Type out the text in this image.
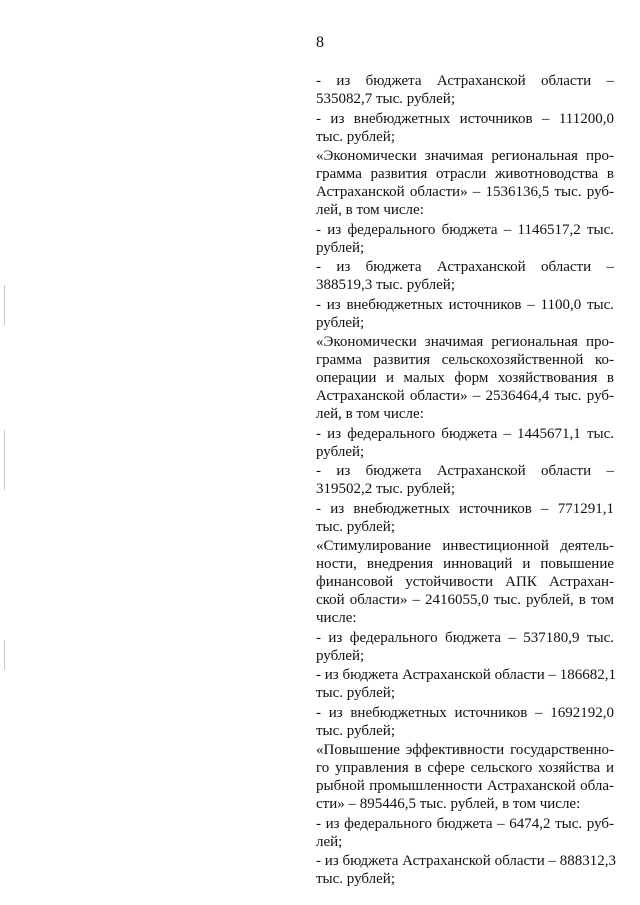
8
- из бюджета Астраханской области –
535082,7 тыс. рублей;
- из внебюджетных источников – 111200,0
тыс. рублей;
«Экономически значимая региональная про-
грамма развития отрасли животноводства в
Астраханской области» – 1536136,5 тыс. руб-
лей, в том числе:
- из федерального бюджета – 1146517,2 тыс.
рублей;
- из бюджета Астраханской области –
388519,3 тыс. рублей;
- из внебюджетных источников – 1100,0 тыс.
рублей;
«Экономически значимая региональная про-
грамма развития сельскохозяйственной ко-
операции и малых форм хозяйствования в
Астраханской области» – 2536464,4 тыс. руб-
лей, в том числе:
- из федерального бюджета – 1445671,1 тыс.
рублей;
- из бюджета Астраханской области –
319502,2 тыс. рублей;
- из внебюджетных источников – 771291,1
тыс. рублей;
«Стимулирование инвестиционной деятель-
ности, внедрения инноваций и повышение
финансовой устойчивости АПК Астрахан-
ской области» – 2416055,0 тыс. рублей, в том
числе:
- из федерального бюджета – 537180,9 тыс.
рублей;
- из бюджета Астраханской области – 186682,1
тыс. рублей;
- из внебюджетных источников – 1692192,0
тыс. рублей;
«Повышение эффективности государственно-
го управления в сфере сельского хозяйства и
рыбной промышленности Астраханской обла-
сти» – 895446,5 тыс. рублей, в том числе:
- из федерального бюджета – 6474,2 тыс. руб-
лей;
- из бюджета Астраханской области – 888312,3
тыс. рублей;
